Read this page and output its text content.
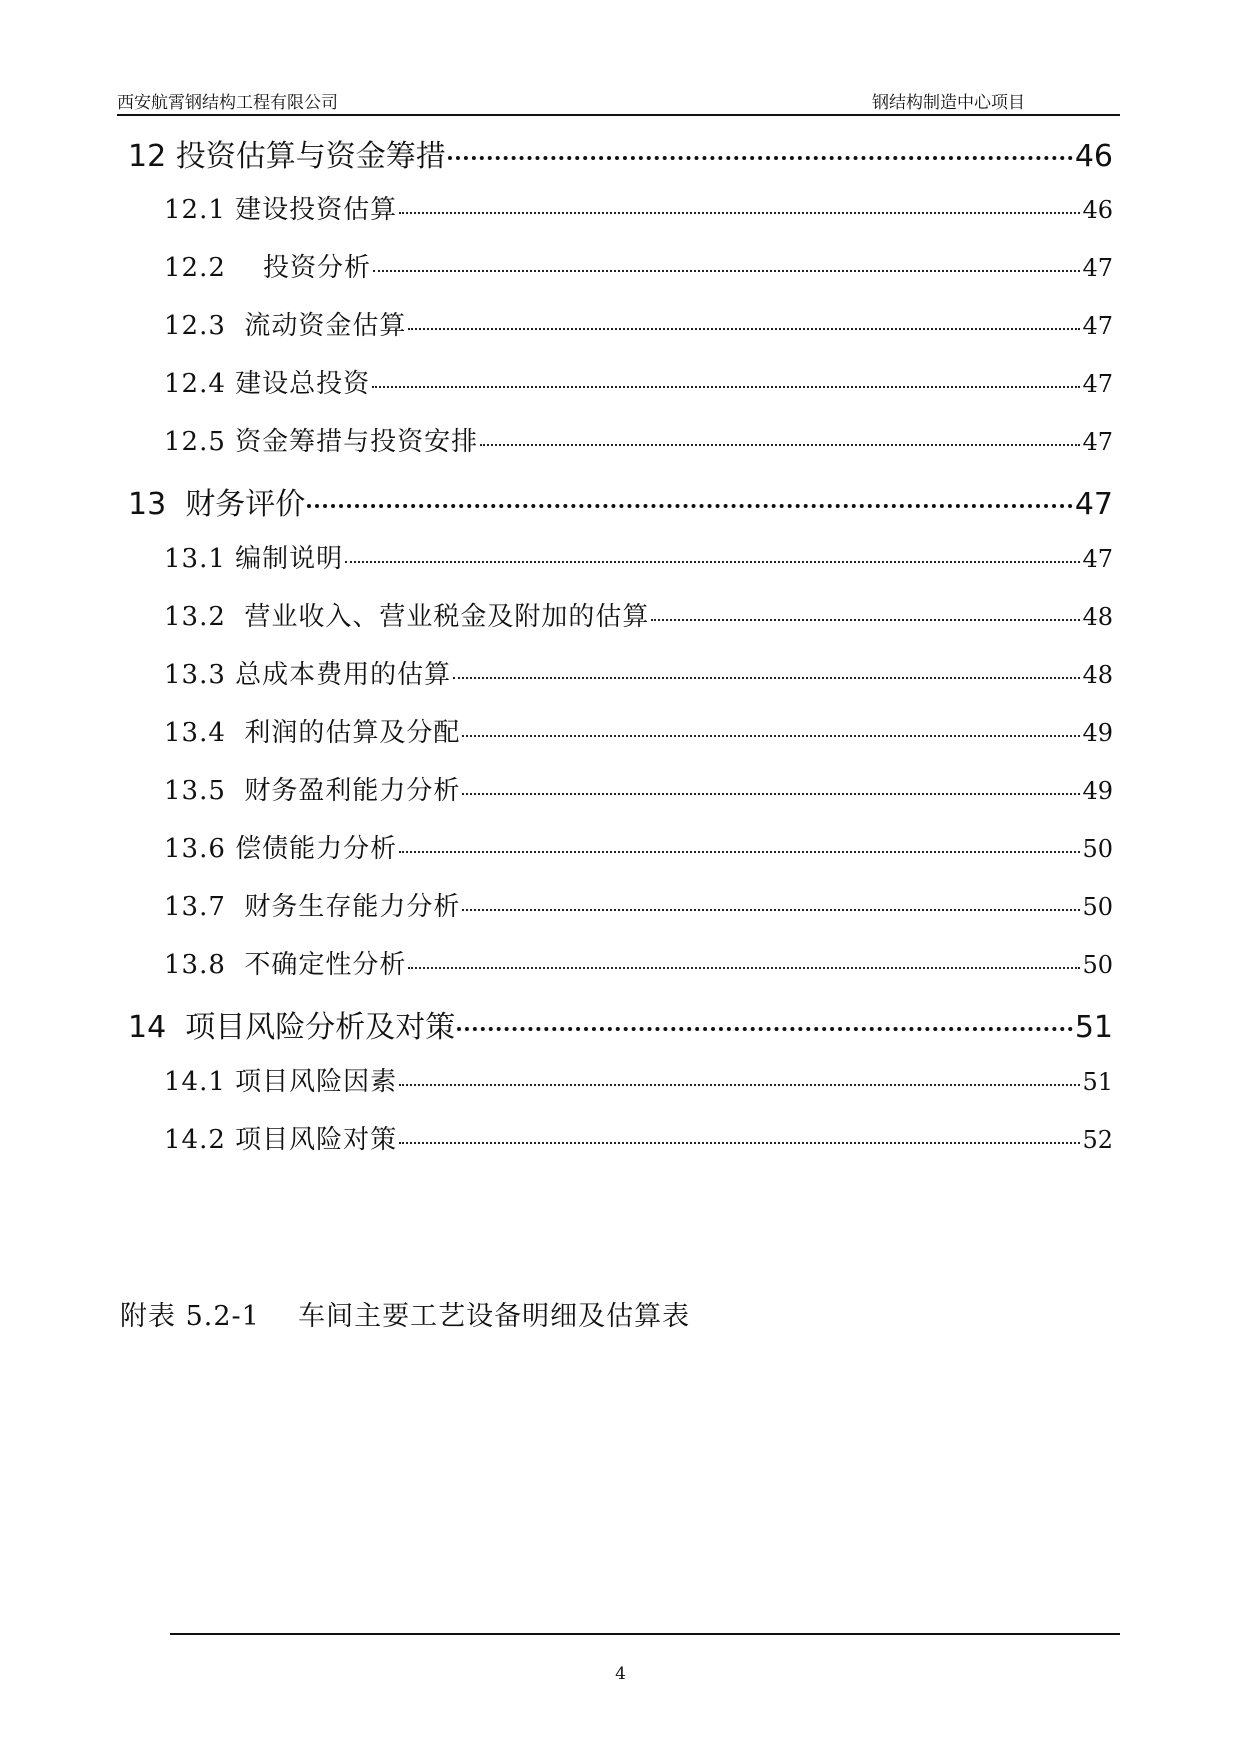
西安航霄钢结构工程有限公司	钢结构制造中心项目
12 投资估算与资金筹措	46
12.1 建设投资估算	46
12.2    投资分析	47
12.3  流动资金估算	47
12.4 建设总投资	47
12.5 资金筹措与投资安排	47
13  财务评价	47
13.1 编制说明	47
13.2  营业收入、营业税金及附加的估算	48
13.3 总成本费用的估算	48
13.4  利润的估算及分配	49
13.5  财务盈利能力分析	49
13.6 偿债能力分析	50
13.7  财务生存能力分析	50
13.8  不确定性分析	50
14  项目风险分析及对策	51
14.1 项目风险因素	51
14.2 项目风险对策	52
附表 5.2-1    车间主要工艺设备明细及估算表
4
